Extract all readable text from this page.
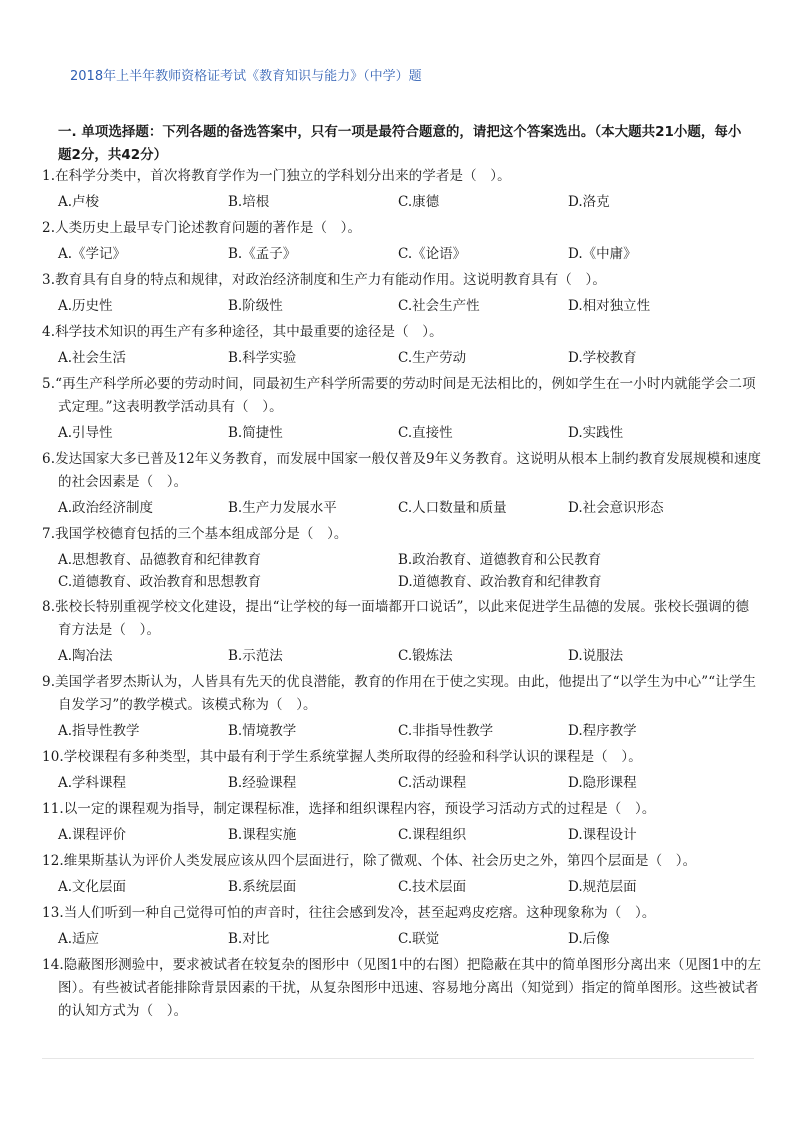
2018年上半年教师资格证考试《教育知识与能力》（中学）题
一. 单项选择题：下列各题的备选答案中，只有一项是最符合题意的，请把这个答案选出。（本大题共21小题，每小题2分，共42分）
1.在科学分类中，首次将教育学作为一门独立的学科划分出来的学者是（　）。
A.卢梭	B.培根	C.康德	D.洛克
2.人类历史上最早专门论述教育问题的著作是（　）。
A.《学记》	B.《孟子》	C.《论语》	D.《中庸》
3.教育具有自身的特点和规律，对政治经济制度和生产力有能动作用。这说明教育具有（　）。
A.历史性	B.阶级性	C.社会生产性	D.相对独立性
4.科学技术知识的再生产有多种途径，其中最重要的途径是（　）。
A.社会生活	B.科学实验	C.生产劳动	D.学校教育
5.“再生产科学所必要的劳动时间，同最初生产科学所需要的劳动时间是无法相比的，例如学生在一小时内就能学会二项式定理。”这表明教学活动具有（　）。
A.引导性	B.简捷性	C.直接性	D.实践性
6.发达国家大多已普及12年义务教育，而发展中国家一般仅普及9年义务教育。这说明从根本上制约教育发展规模和速度的社会因素是（　）。
A.政治经济制度	B.生产力发展水平	C.人口数量和质量	D.社会意识形态
7.我国学校德育包括的三个基本组成部分是（　）。
A.思想教育、品德教育和纪律教育	B.政治教育、道德教育和公民教育
C.道德教育、政治教育和思想教育	D.道德教育、政治教育和纪律教育
8.张校长特别重视学校文化建设，提出“让学校的每一面墙都开口说话”，以此来促进学生品德的发展。张校长强调的德育方法是（　）。
A.陶冶法	B.示范法	C.锻炼法	D.说服法
9.美国学者罗杰斯认为，人皆具有先天的优良潜能，教育的作用在于使之实现。由此，他提出了“以学生为中心”“让学生自发学习”的教学模式。该模式称为（　）。
A.指导性教学	B.情境教学	C.非指导性教学	D.程序教学
10.学校课程有多种类型，其中最有利于学生系统掌握人类所取得的经验和科学认识的课程是（　）。
A.学科课程	B.经验课程	C.活动课程	D.隐形课程
11.以一定的课程观为指导，制定课程标准，选择和组织课程内容，预设学习活动方式的过程是（　）。
A.课程评价	B.课程实施	C.课程组织	D.课程设计
12.维果斯基认为评价人类发展应该从四个层面进行，除了微观、个体、社会历史之外，第四个层面是（　）。
A.文化层面	B.系统层面	C.技术层面	D.规范层面
13.当人们听到一种自己觉得可怕的声音时，往往会感到发冷，甚至起鸡皮疙瘩。这种现象称为（　）。
A.适应	B.对比	C.联觉	D.后像
14.隐蔽图形测验中，要求被试者在较复杂的图形中（见图1中的右图）把隐蔽在其中的简单图形分离出来（见图1中的左图）。有些被试者能排除背景因素的干扰，从复杂图形中迅速、容易地分离出（知觉到）指定的简单图形。这些被试者的认知方式为（　）。
